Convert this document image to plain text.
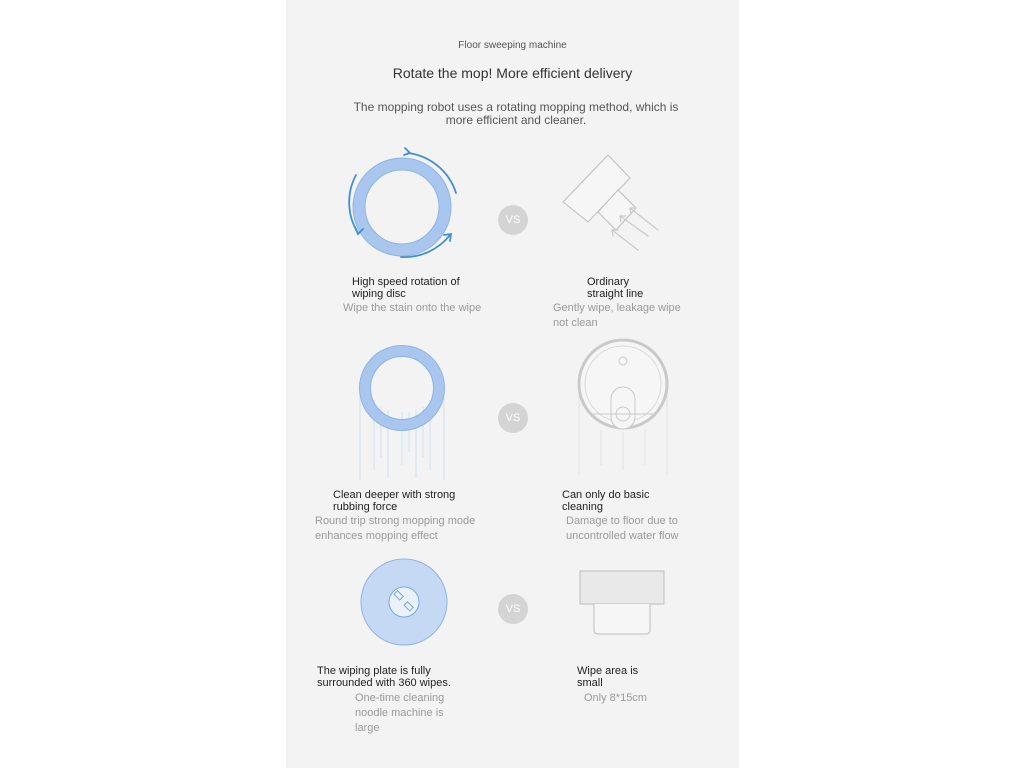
Floor sweeping machine

Rotate the mop! More efficient delivery

The mopping robot uses a rotating mopping method, which is more efficient and cleaner.

VS

High speed rotation of wiping disc

Wipe the stain onto the wipe

Ordinary straight line

Gently wipe, leakage wipe not clean

VS

Clean deeper with strong rubbing force

Round trip strong mopping mode enhances mopping effect

Can only do basic cleaning

Damage to floor due to uncontrolled water flow

VS

The wiping plate is fully surrounded with 360 wipes.

One-time cleaning noodle machine is large

Wipe area is small

Only 8*15cm
